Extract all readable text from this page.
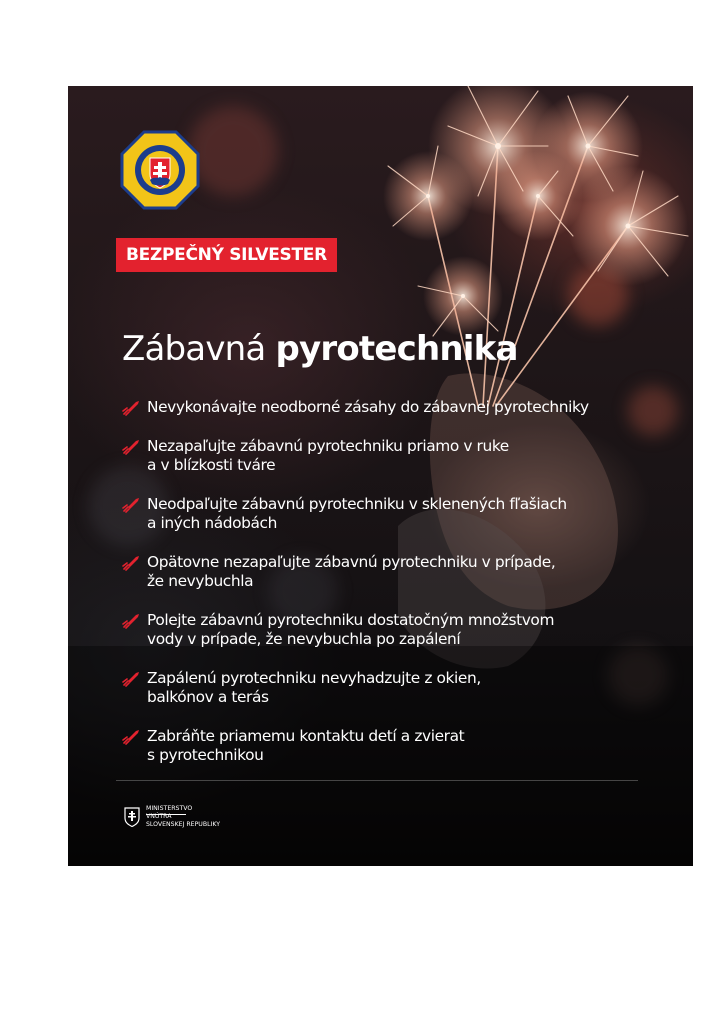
BEZPEČNÝ SILVESTER
Zábavná pyrotechnika
Nevykonávajte neodborné zásahy do zábavnej pyrotechniky
Nezapaľujte zábavnú pyrotechniku priamo v ruke
a v blízkosti tváre
Neodpaľujte zábavnú pyrotechniku v sklenených fľašiach
a iných nádobách
Opätovne nezapaľujte zábavnú pyrotechniku v prípade,
že nevybuchla
Polejte zábavnú pyrotechniku dostatočným množstvom
vody v prípade, že nevybuchla po zapálení
Zapálenú pyrotechniku nevyhadzujte z okien,
balkónov a terás
Zabráňte priamemu kontaktu detí a zvierat
s pyrotechnikou
MINISTERSTVO
VNÚTRA
SLOVENSKEJ REPUBLIKY
